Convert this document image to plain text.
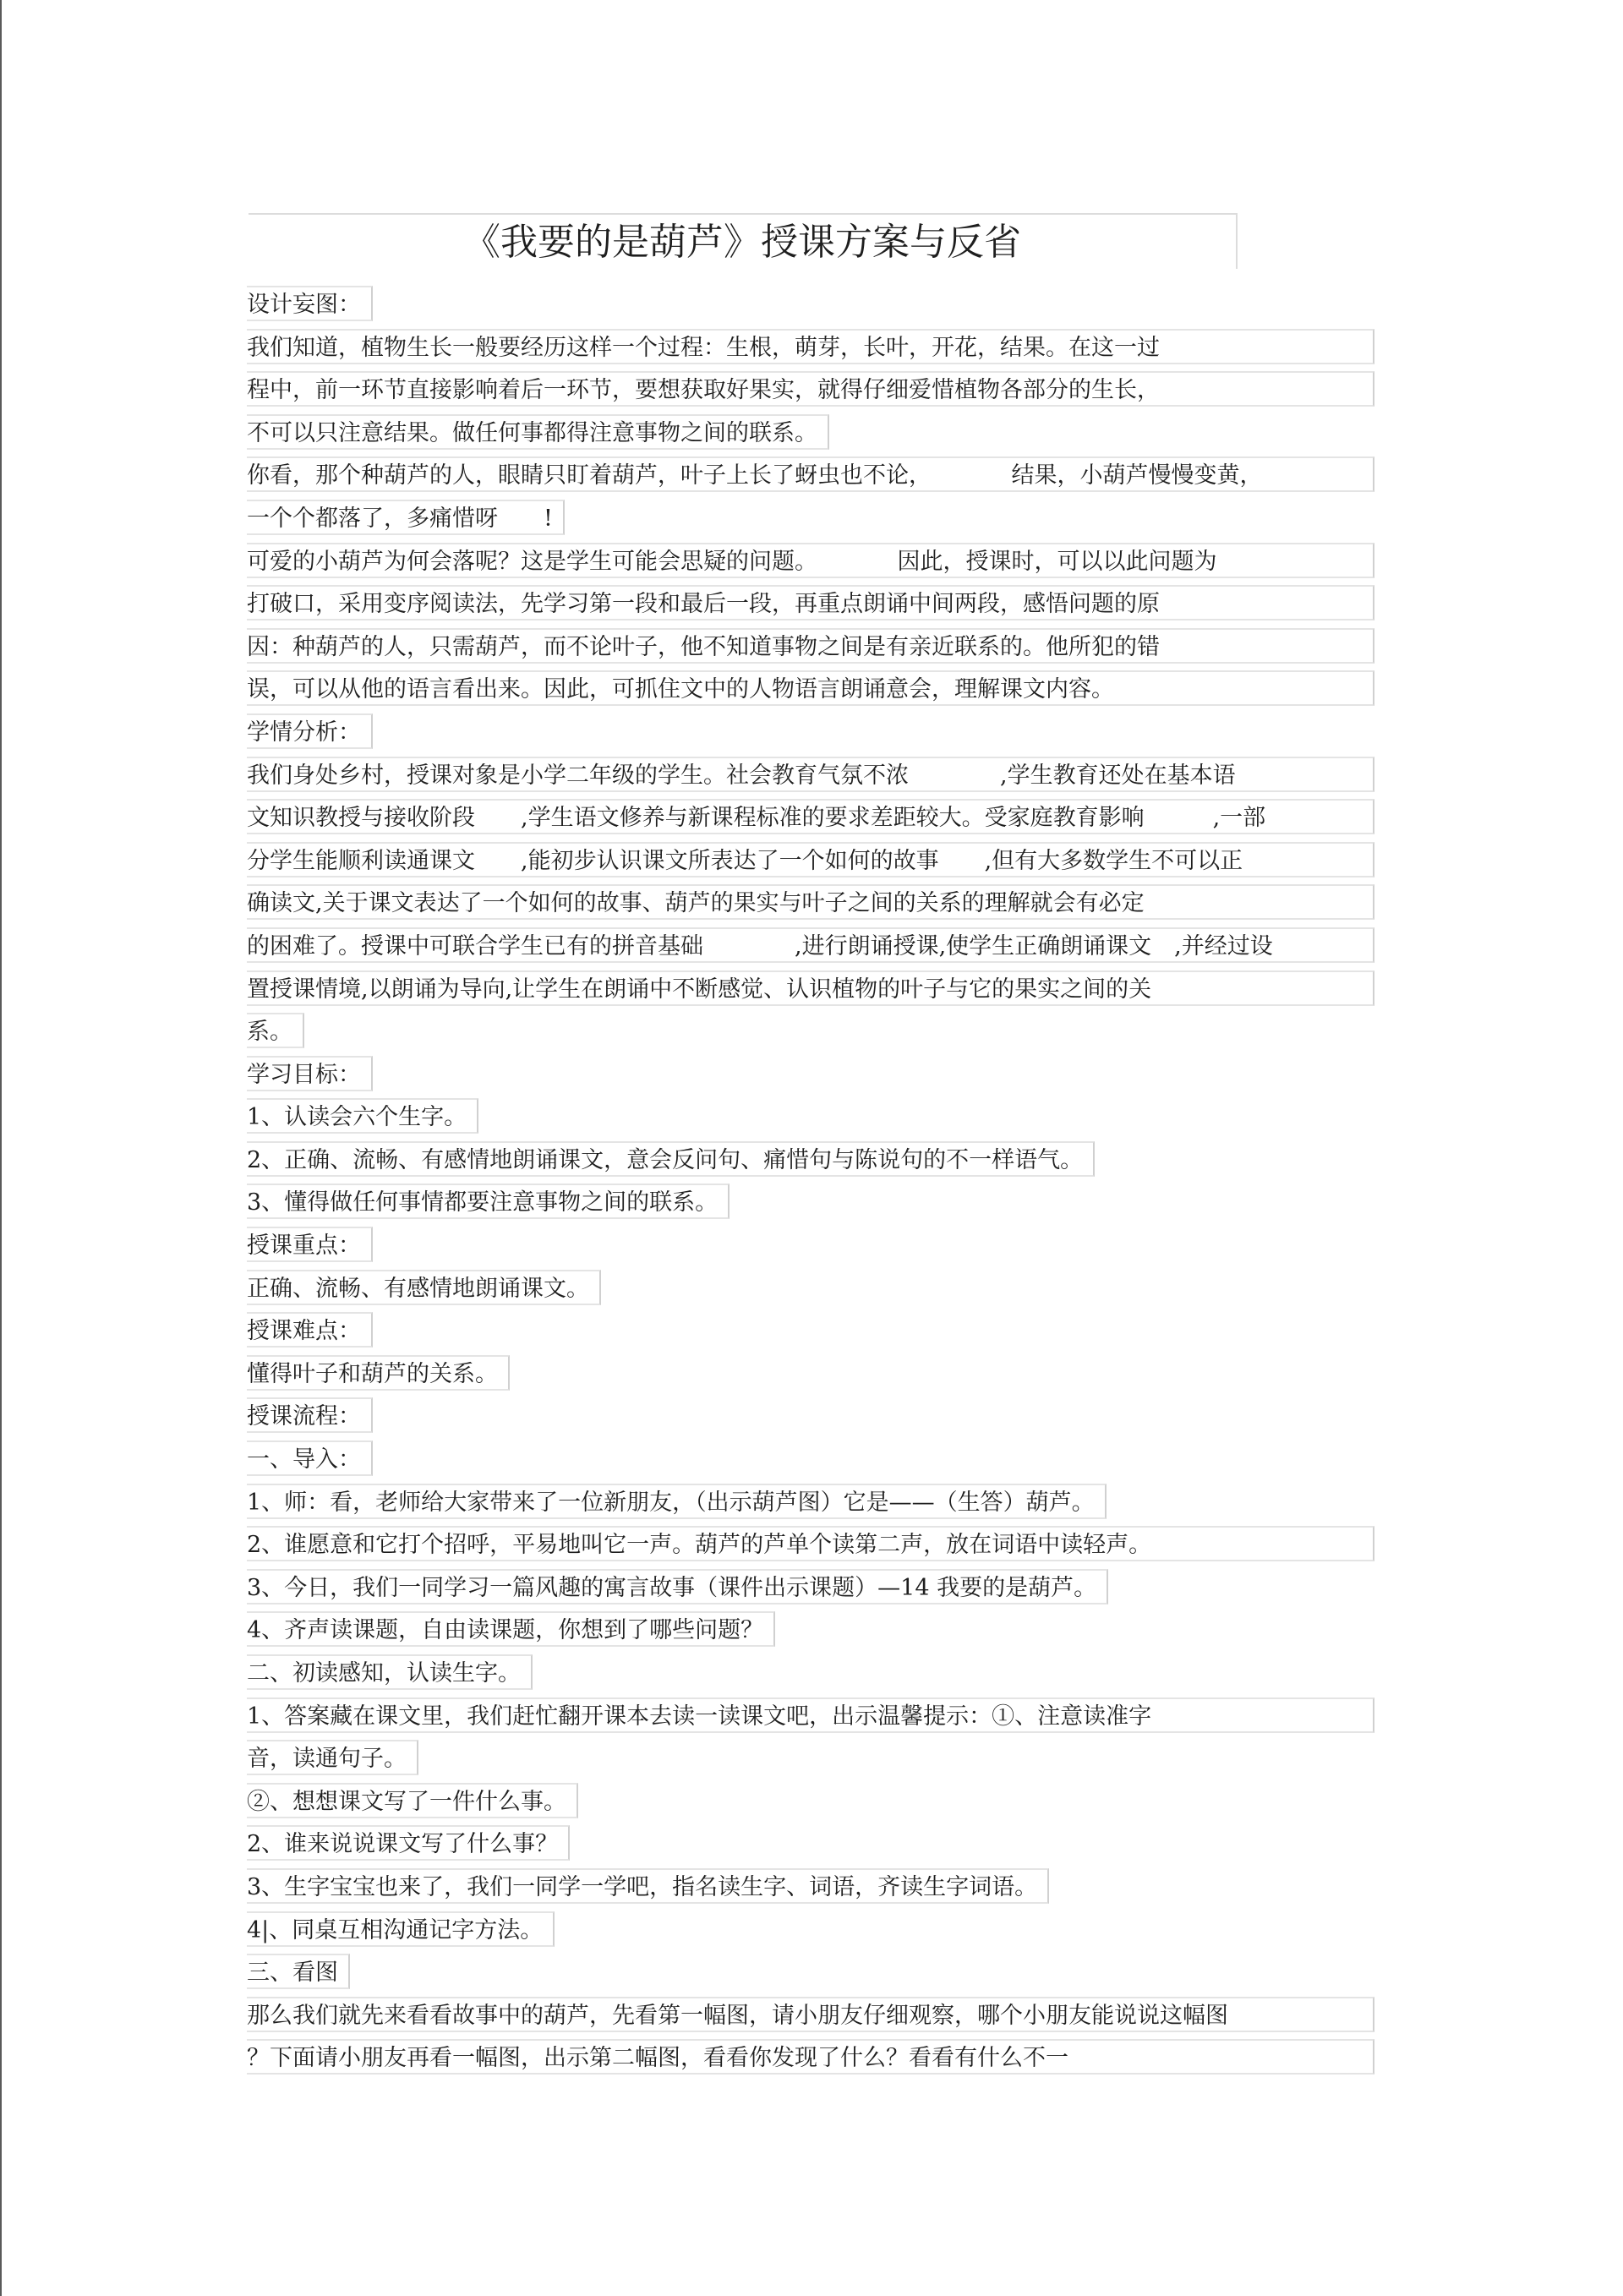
《我要的是葫芦》授课方案与反省
设计妄图：
我们知道，植物生长一般要经历这样一个过程：生根，萌芽，长叶，开花，结果。在这一过
程中，前一环节直接影响着后一环节，要想获取好果实，就得仔细爱惜植物各部分的生长，
不可以只注意结果。做任何事都得注意事物之间的联系。
你看，那个种葫芦的人，眼睛只盯着葫芦，叶子上长了蚜虫也不论，　　　　结果，小葫芦慢慢变黄，
一个个都落了，多痛惜呀　　!
可爱的小葫芦为何会落呢？这是学生可能会思疑的问题。　　　　因此，授课时，可以以此问题为
打破口，采用变序阅读法，先学习第一段和最后一段，再重点朗诵中间两段，感悟问题的原
因：种葫芦的人，只需葫芦，而不论叶子，他不知道事物之间是有亲近联系的。他所犯的错
误，可以从他的语言看出来。因此，可抓住文中的人物语言朗诵意会，理解课文内容。
学情分析：
我们身处乡村，授课对象是小学二年级的学生。社会教育气氛不浓　　　　,学生教育还处在基本语
文知识教授与接收阶段　　,学生语文修养与新课程标准的要求差距较大。受家庭教育影响　　　,一部
分学生能顺利读通课文　　,能初步认识课文所表达了一个如何的故事　　,但有大多数学生不可以正
确读文,关于课文表达了一个如何的故事、葫芦的果实与叶子之间的关系的理解就会有必定
的困难了。授课中可联合学生已有的拼音基础　　　　,进行朗诵授课,使学生正确朗诵课文　,并经过设
置授课情境,以朗诵为导向,让学生在朗诵中不断感觉、认识植物的叶子与它的果实之间的关
系。
学习目标：
1、认读会六个生字。
2、正确、流畅、有感情地朗诵课文，意会反问句、痛惜句与陈说句的不一样语气。
3、懂得做任何事情都要注意事物之间的联系。
授课重点：
正确、流畅、有感情地朗诵课文。
授课难点：
懂得叶子和葫芦的关系。
授课流程：
一、导入：
1、师：看，老师给大家带来了一位新朋友，（出示葫芦图）它是——（生答）葫芦。
2、谁愿意和它打个招呼，平易地叫它一声。葫芦的芦单个读第二声，放在词语中读轻声。
3、今日，我们一同学习一篇风趣的寓言故事（课件出示课题）—14 我要的是葫芦。
4、齐声读课题，自由读课题，你想到了哪些问题？
二、初读感知，认读生字。
1、答案藏在课文里，我们赶忙翻开课本去读一读课文吧，出示温馨提示：①、注意读准字
音，读通句子。
②、想想课文写了一件什么事。
2、谁来说说课文写了什么事？
3、生字宝宝也来了，我们一同学一学吧，指名读生字、词语，齐读生字词语。
4|、同桌互相沟通记字方法。
三、看图
那么我们就先来看看故事中的葫芦，先看第一幅图，请小朋友仔细观察，哪个小朋友能说说这幅图
？下面请小朋友再看一幅图，出示第二幅图，看看你发现了什么？看看有什么不一
